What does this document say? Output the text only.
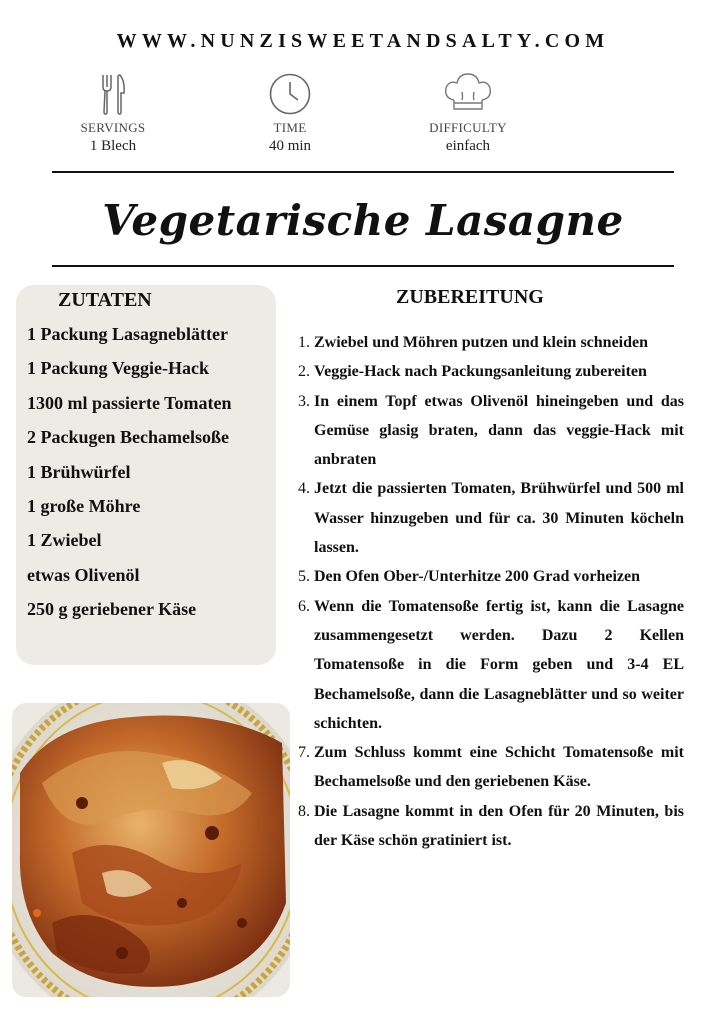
WWW.NUNZISWEETANDSALTY.COM
SERVINGS
1 Blech
TIME
40 min
DIFFICULTY
einfach
Vegetarische Lasagne
ZUTATEN
1 Packung Lasagneblätter
1 Packung Veggie-Hack
1300 ml passierte Tomaten
2 Packugen Bechamelsoße
1 Brühwürfel
1 große Möhre
1 Zwiebel
etwas Olivenöl
250 g geriebener Käse
ZUBEREITUNG
1. Zwiebel und Möhren putzen und klein schneiden
2. Veggie-Hack nach Packungsanleitung zubereiten
3. In einem Topf etwas Olivenöl hineingeben und das Gemüse glasig braten, dann das veggie-Hack mit anbraten
4. Jetzt die passierten Tomaten, Brühwürfel und 500 ml Wasser hinzugeben und für ca. 30 Minuten köcheln lassen.
5. Den Ofen Ober-/Unterhitze 200 Grad vorheizen
6. Wenn die Tomatensoße fertig ist, kann die Lasagne zusammengesetzt werden. Dazu 2 Kellen Tomatensoße in die Form geben und 3-4 EL Bechamelsoße, dann die Lasagneblätter und so weiter schichten.
7. Zum Schluss kommt eine Schicht Tomatensoße mit Bechamelsoße und den geriebenen Käse.
8. Die Lasagne kommt in den Ofen für 20 Minuten, bis der Käse schön gratiniert ist.
